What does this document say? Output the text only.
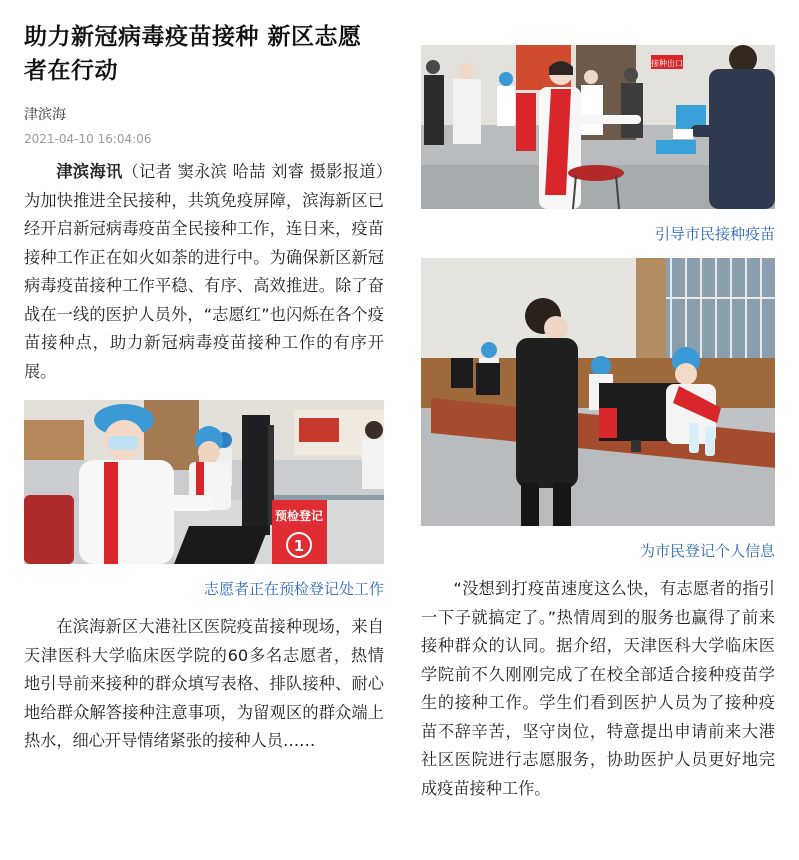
助力新冠病毒疫苗接种 新区志愿者在行动
津滨海
2021-04-10 16:04:06

津滨海讯（记者 窦永滨 哈喆 刘睿 摄影报道）为加快推进全民接种，共筑免疫屏障，滨海新区已经开启新冠病毒疫苗全民接种工作，连日来，疫苗接种工作正在如火如荼的进行中。为确保新区新冠病毒疫苗接种工作平稳、有序、高效推进。除了奋战在一线的医护人员外，“志愿红”也闪烁在各个疫苗接种点，助力新冠病毒疫苗接种工作的有序开展。

预检登记
1
志愿者正在预检登记处工作

在滨海新区大港社区医院疫苗接种现场，来自天津医科大学临床医学院的60多名志愿者，热情地引导前来接种的群众填写表格、排队接种、耐心地给群众解答接种注意事项，为留观区的群众端上热水，细心开导情绪紧张的接种人员……

接种出口
引导市民接种疫苗
为市民登记个人信息

“没想到打疫苗速度这么快，有志愿者的指引一下子就搞定了。”热情周到的服务也赢得了前来接种群众的认同。据介绍，天津医科大学临床医学院前不久刚刚完成了在校全部适合接种疫苗学生的接种工作。学生们看到医护人员为了接种疫苗不辞辛苦，坚守岗位，特意提出申请前来大港社区医院进行志愿服务，协助医护人员更好地完成疫苗接种工作。
